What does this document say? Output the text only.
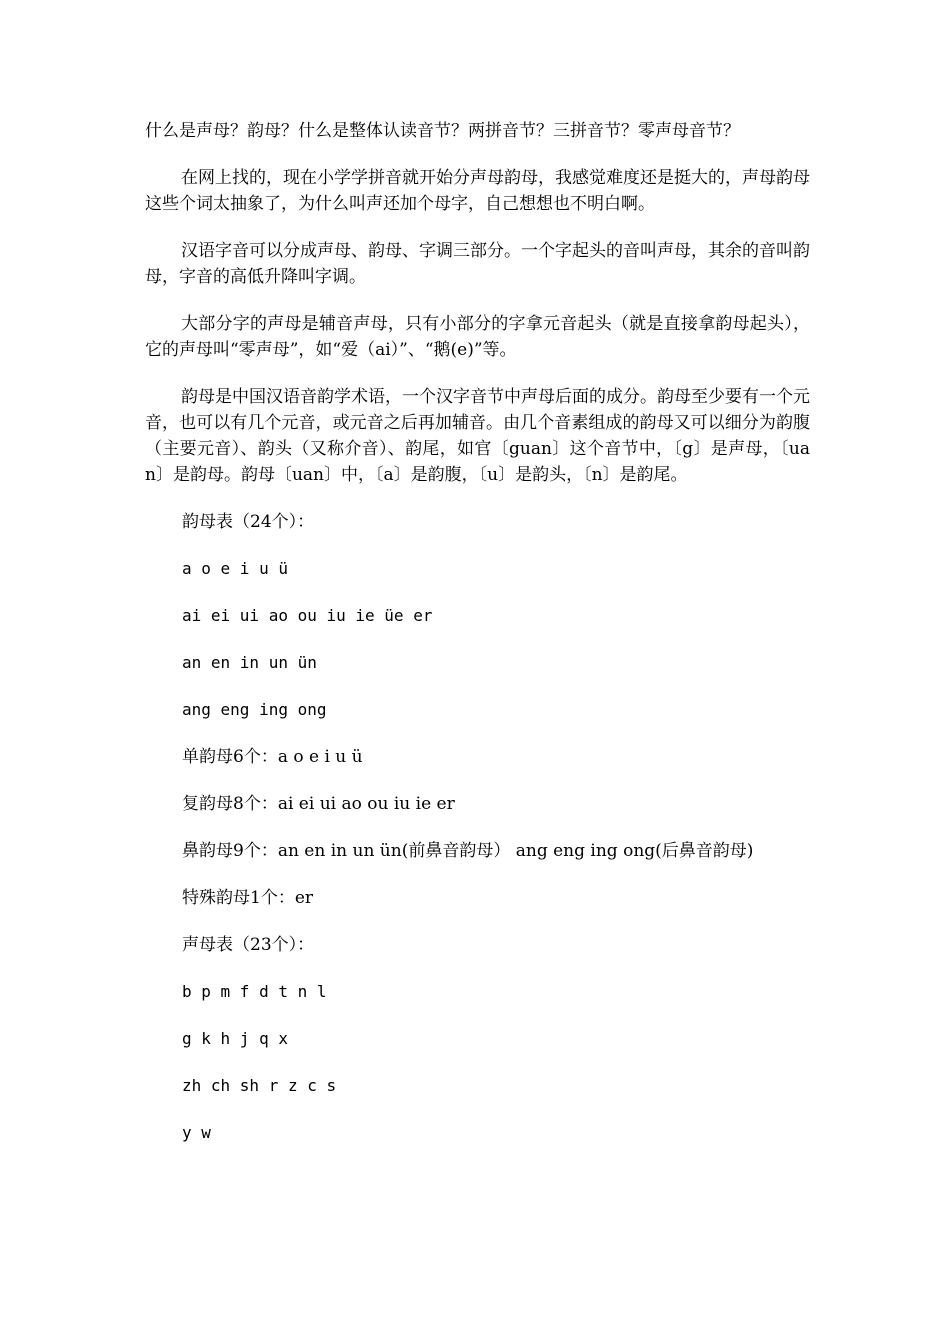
什么是声母？韵母？什么是整体认读音节？两拼音节？三拼音节？零声母音节？
在网上找的，现在小学学拼音就开始分声母韵母，我感觉难度还是挺大的，声母韵母这些个词太抽象了，为什么叫声还加个母字，自己想想也不明白啊。
汉语字音可以分成声母、韵母、字调三部分。一个字起头的音叫声母，其余的音叫韵母，字音的高低升降叫字调。
大部分字的声母是辅音声母，只有小部分的字拿元音起头（就是直接拿韵母起头），它的声母叫“零声母”，如“爱（ai）”、“鹅(e)”等。
韵母是中国汉语音韵学术语，一个汉字音节中声母后面的成分。韵母至少要有一个元音，也可以有几个元音，或元音之后再加辅音。由几个音素组成的韵母又可以细分为韵腹（主要元音）、韵头（又称介音）、韵尾，如官〔guan〕这个音节中，〔g〕是声母，〔uan〕是韵母。韵母〔uan〕中，〔a〕是韵腹，〔u〕是韵头，〔n〕是韵尾。
韵母表（24个）：
a o e i u ü
ai ei ui ao ou iu ie üe er
an en in un ün
ang eng ing ong
单韵母6个：a o e i u ü
复韵母8个：ai ei ui ao ou iu ie er
鼻韵母9个：an en in un ün(前鼻音韵母） ang eng ing ong(后鼻音韵母)
特殊韵母1个：er
声母表（23个）：
b p m f d t n l
g k h j q x
zh ch sh r z c s
y w
